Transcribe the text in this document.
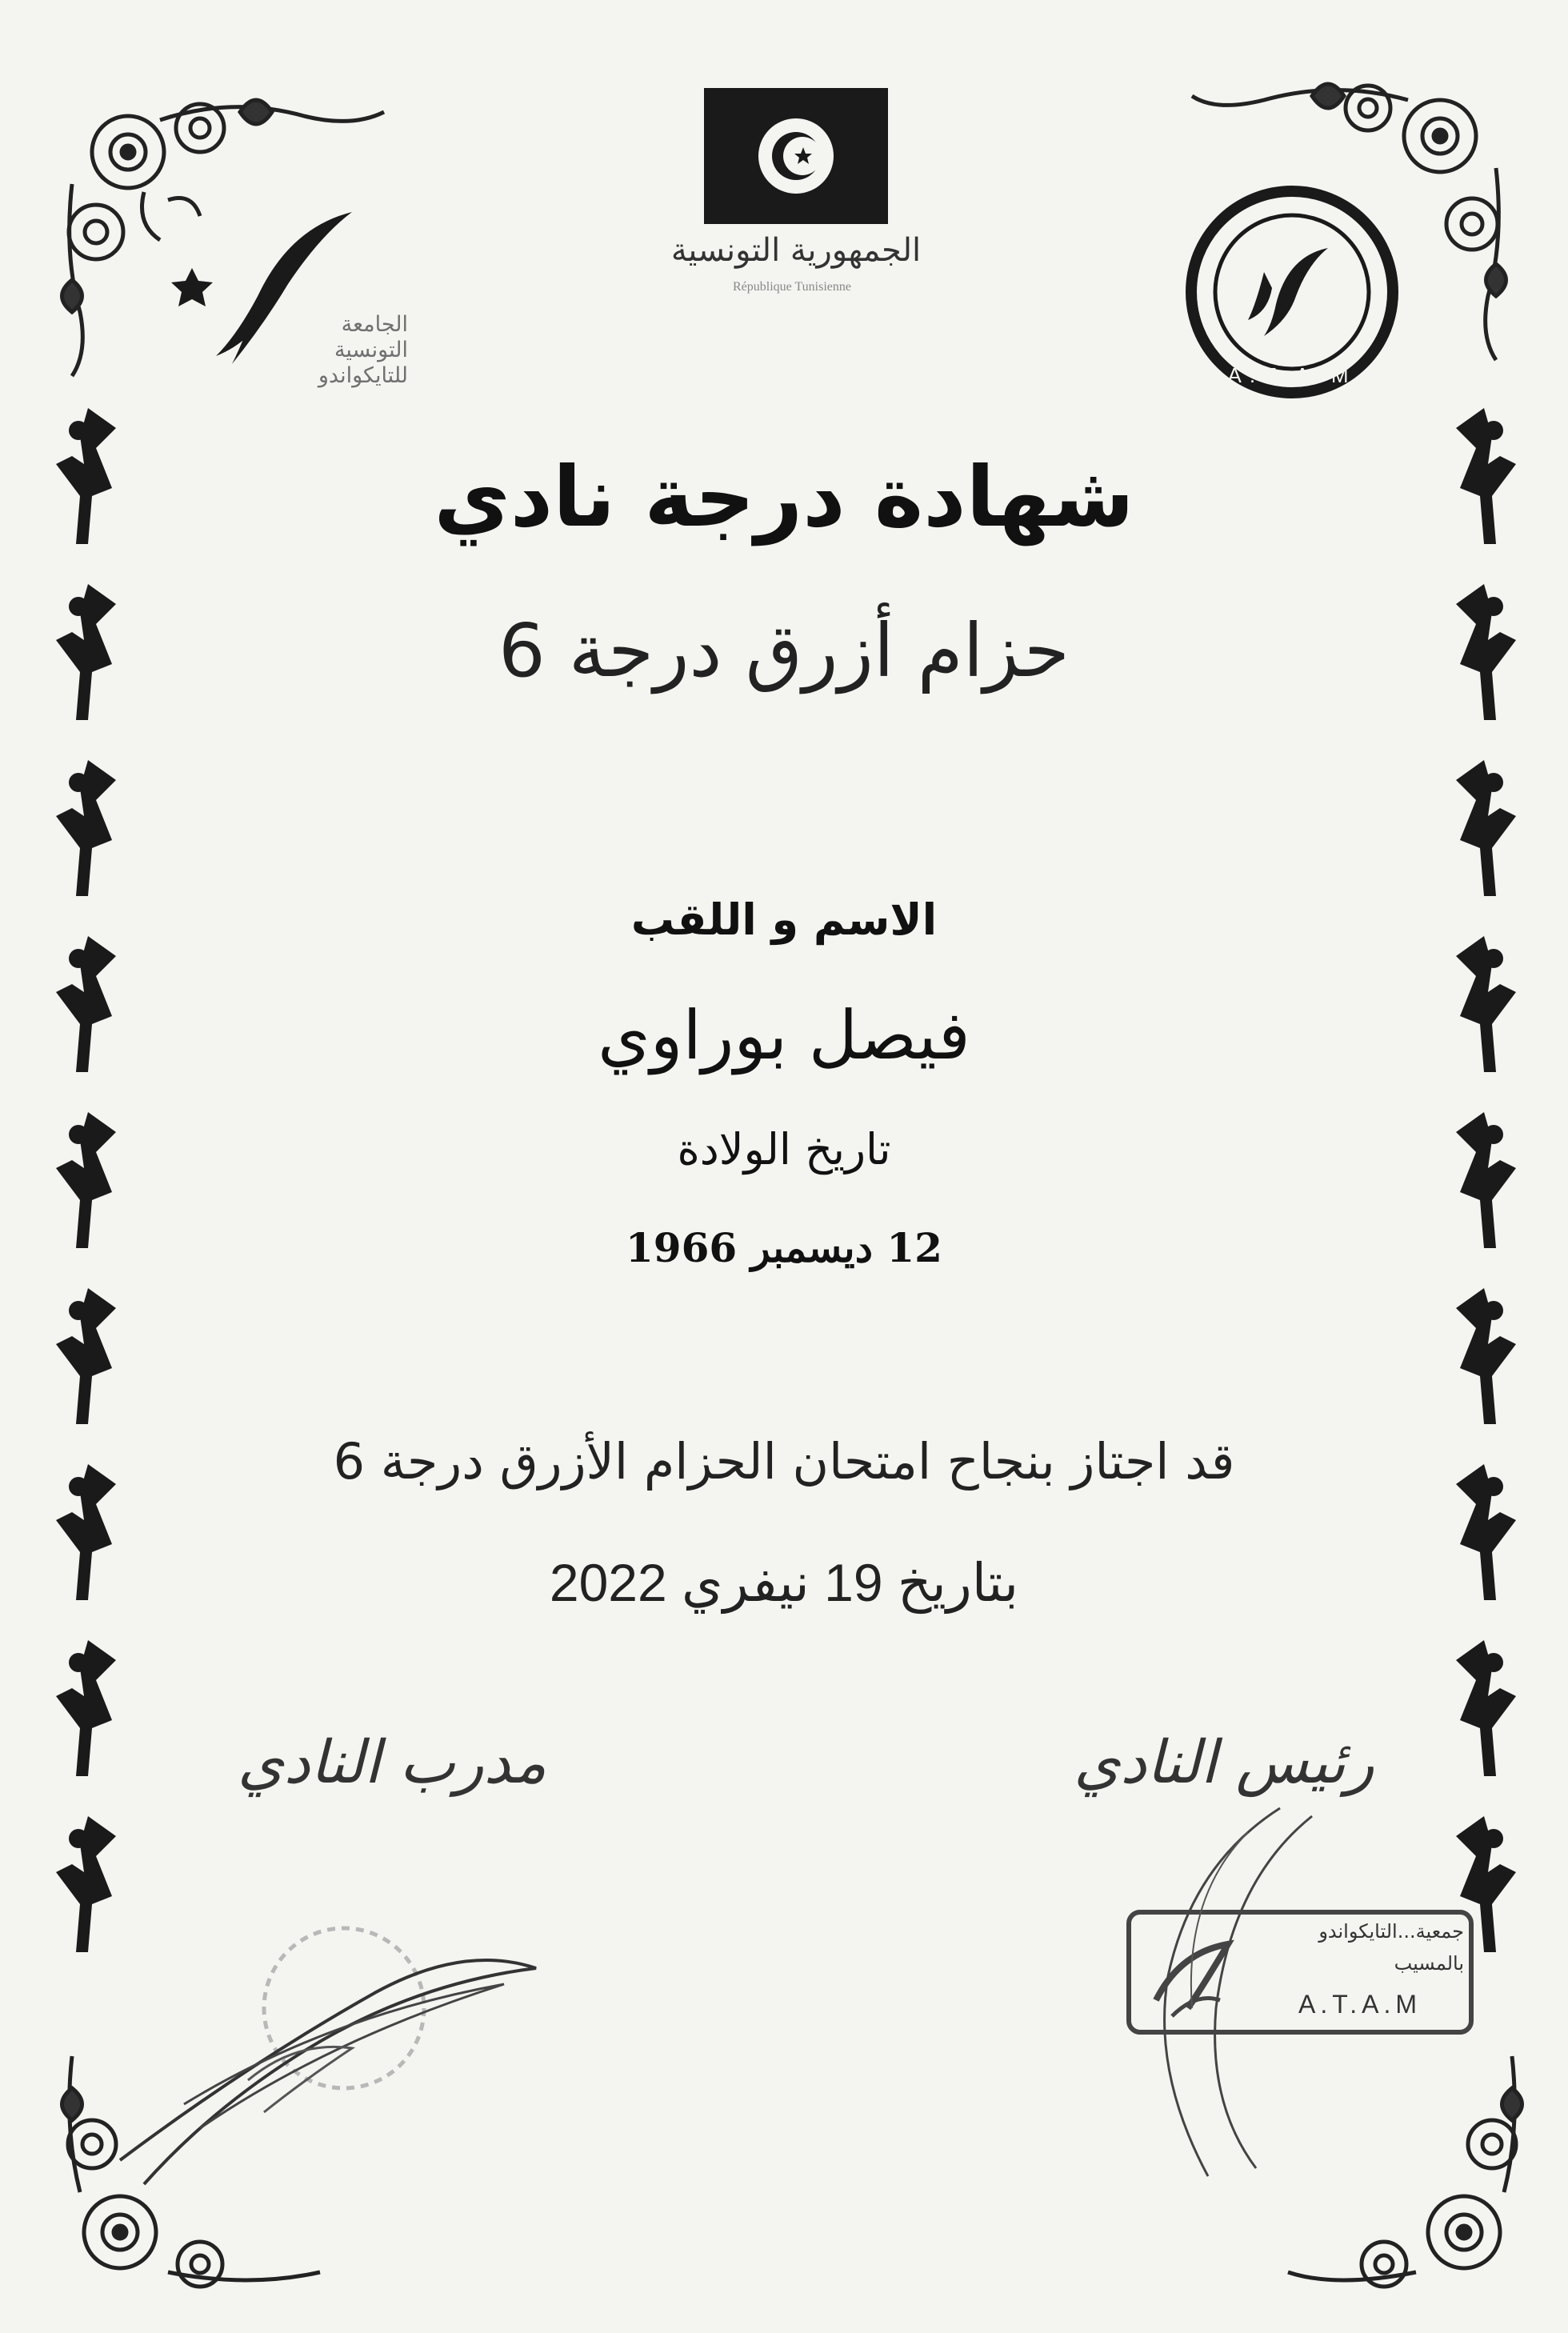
الجامعة
التونسية
للتايكواندو
الجمهورية التونسية
République Tunisienne
A.T.A.M
شهادة درجة نادي
حزام أزرق درجة 6
الاسم و اللقب
فيصل بوراوي
تاريخ الولادة
12 ديسمبر 1966
قد اجتاز بنجاح امتحان الحزام الأزرق درجة 6
بتاريخ 19 نيفري 2022
رئيس النادي
مدرب النادي
جمعية...التايكواندو
بالمسيب
A.T.A.M
